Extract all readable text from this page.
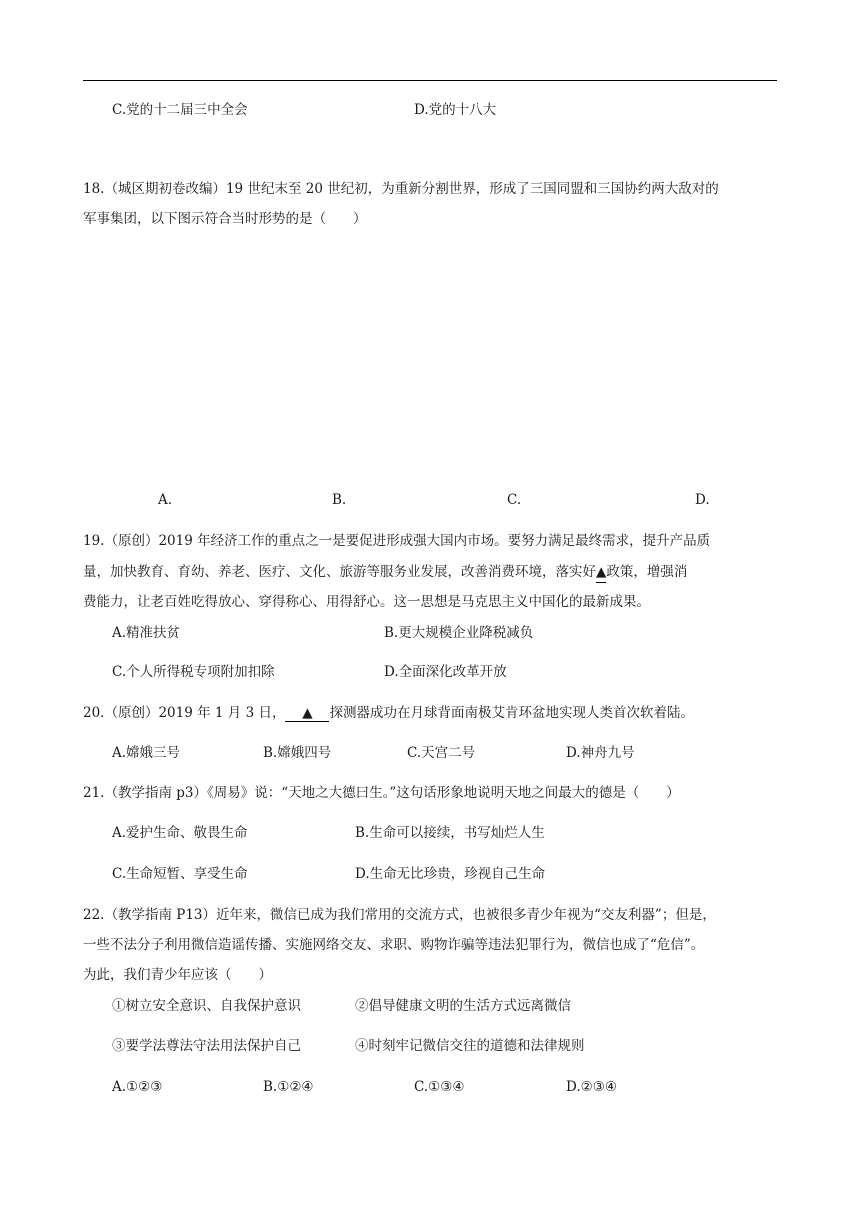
C.党的十二届三中全会	D.党的十八大
18.（城区期初卷改编）19 世纪末至 20 世纪初，为重新分割世界，形成了三国同盟和三国协约两大敌对的
军事集团，以下图示符合当时形势的是（　　）
A.	B.	C.	D.
19.（原创）2019 年经济工作的重点之一是要促进形成强大国内市场。要努力满足最终需求，提升产品质
量，加快教育、育幼、养老、医疗、文化、旅游等服务业发展，改善消费环境，落实好▲政策，增强消
费能力，让老百姓吃得放心、穿得称心、用得舒心。这一思想是马克思主义中国化的最新成果。
A.精准扶贫	B.更大规模企业降税减负
C.个人所得税专项附加扣除	D.全面深化改革开放
20.（原创）2019 年 1 月 3 日， ▲ 探测器成功在月球背面南极艾肯环盆地实现人类首次软着陆。
A.嫦娥三号	B.嫦娥四号	C.天宫二号	D.神舟九号
21.（教学指南 p3）《周易》说：“天地之大德曰生。”这句话形象地说明天地之间最大的德是（　　）
A.爱护生命、敬畏生命	B.生命可以接续，书写灿烂人生
C.生命短暂、享受生命	D.生命无比珍贵，珍视自己生命
22.（教学指南 P13）近年来，微信已成为我们常用的交流方式，也被很多青少年视为“交友利器”；但是，
一些不法分子利用微信造谣传播、实施网络交友、求职、购物诈骗等违法犯罪行为，微信也成了“危信”。
为此，我们青少年应该（　　）
①树立安全意识、自我保护意识	②倡导健康文明的生活方式远离微信
③要学法尊法守法用法保护自己	④时刻牢记微信交往的道德和法律规则
A.①②③	B.①②④	C.①③④	D.②③④
